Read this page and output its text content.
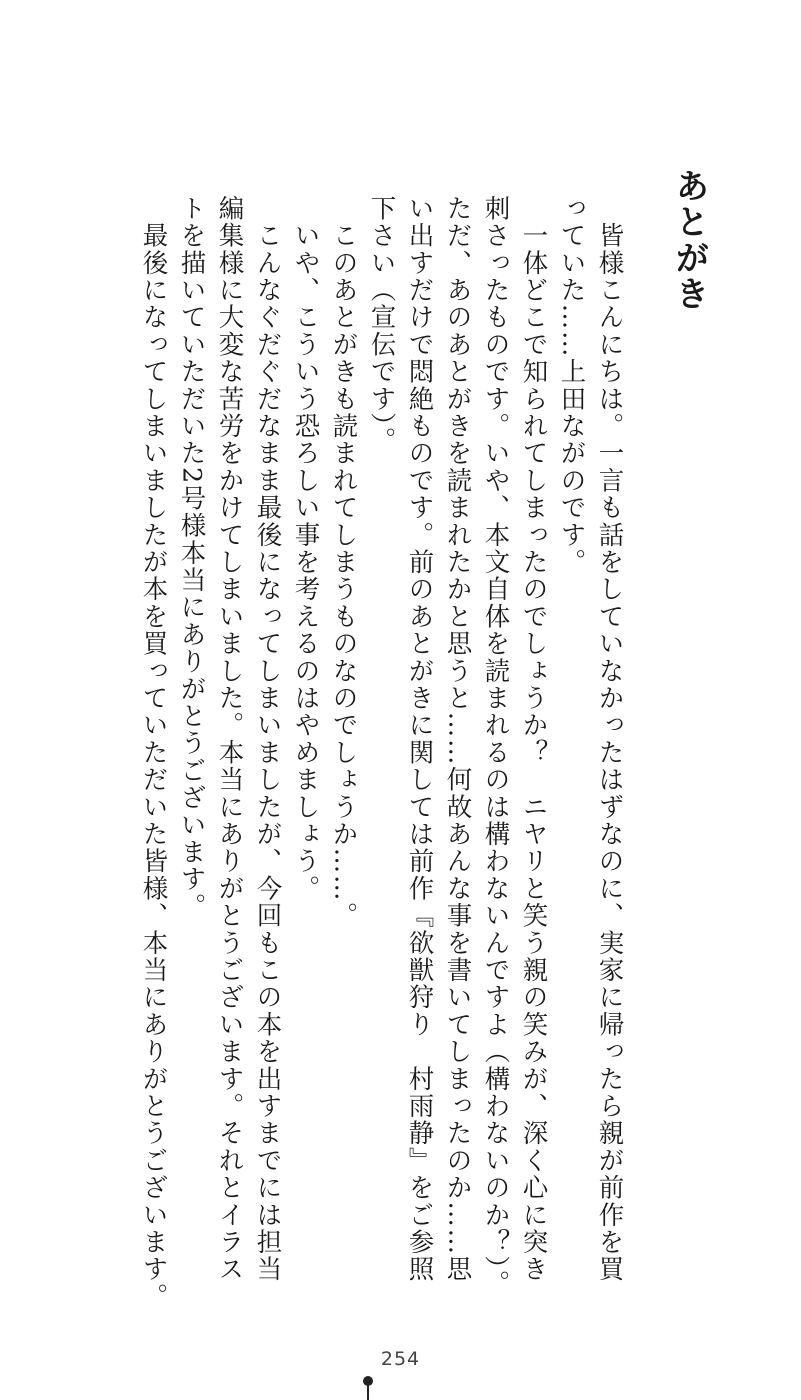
あとがき
　皆様こんにちは。一言も話をしていなかったはずなのに、実家に帰ったら親が前作を買
っていた……上田ながのです。
　一体どこで知られてしまったのでしょうか？　ニヤリと笑う親の笑みが、深く心に突き
刺さったものです。いや、本文自体を読まれるのは構わないんですよ（構わないのか？）。
ただ、あのあとがきを読まれたかと思うと……何故あんな事を書いてしまったのか……思
い出すだけで悶絶ものです。前のあとがきに関しては前作『欲獣狩り　村雨静』をご参照
下さい（宣伝です）。
　このあとがきも読まれてしまうものなのでしょうか……。
　いや、こういう恐ろしい事を考えるのはやめましょう。
　こんなぐだぐだなまま最後になってしまいましたが、今回もこの本を出すまでには担当
編集様に大変な苦労をかけてしまいました。本当にありがとうございます。それとイラス
トを描いていただいた2号様本当にありがとうございます。
　最後になってしまいましたが本を買っていただいた皆様、本当にありがとうございます。
254
